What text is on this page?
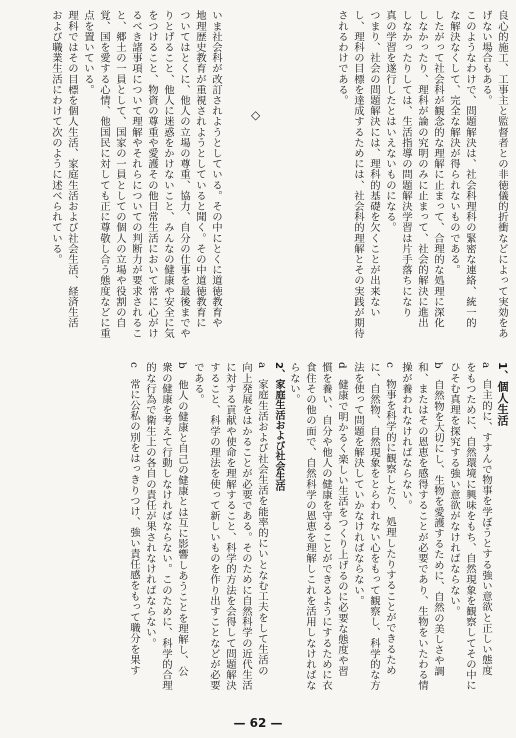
良心的施工、工事主と監督者との非徳儀的折衝などによって実効をあ

げない場合もある。

このようなわけで、問題解決は、社会科理科の緊密な連絡、統一的

な解決なくして、完全な解決が得られないものである。

したがって社会科が観念的な理解に止まって、合理的な処理に深化

しなかったり、理科が論の究明のみに止まって、社会的解決に進出

しなかったりしては、生活指導の問題解決学習は片手落ちになり

真の学習を遂行したとはいえないものになる。

つまり、社会の問題解決には、理科的基礎を欠くことが出来ない

し、理科の目標を達成するためには、社会科的理解とその実践が期待

されるわけである。

◇

いま社会科が改訂されようとしている。その中にとくに道徳教育や

地理歴史教育が重視されようとしていると聞く。その中道徳教育に

ついてはとくに、他人の立場の尊重、協力、自分の仕事を最後までや

りとげること、他人に迷惑をかけないこと、みんなの健康や安全に気

をつけること、物資の尊重や愛護その他日常生活において常に心がけ

るべき諸事項について理解やそれらについての判断力が要求されるこ

と、郷土の一員として、国家の一員としての個人の立場や役割の自

覚、国を愛する心情、他国民に対しても正に尊敬し合う態度などに重

点を置いている。

理科ではその目標を個人生活、家庭生活および社会生活、経済生活

および職業生活にわけて次のように述べられている。

1、個人生活

a　自主的に、すすんで物事を学ぼうとする強い意欲と正しい態度

をもつために、自然環境に興味をもち、自然現象を観察してその中に

ひそむ真理を探究する強い意欲がなければならない。

b　自然物を大切にし、生物を愛護するために、自然の美しさや調

和、またはその恩恵を感得することが必要であり、生物をいたわる情

操が養われなければならない。

c　物事を科学的に観察したり、処理したりすることができるため

に、自然物、自然現象をとらわれない心をもって観察し、科学的な方

法を使って問題を解決していかなければならない。

d　健康で明かるく楽しい生活をつくり上げるのに必要な態度や習

慣を養い、自分や他人の健康を守ることができるようにするために衣

食住その他の面で、自然科学の恩恵を理解しこれを活用しなければな

らない。

2、家庭生活および社会生活

a　家庭生活および社会生活を能率的にいとなむ工夫をして生活の

向上発展をはかることが必要である。そのために自然科学の近代生活

に対する貢献や使命を理解すること、科学的方法を会得して問題解決

すること、科学の理法を使って新しいものを作り出すことなどが必要

である。

b　他人の健康と自己の健康とは互に影響しあうことを理解し、公

衆の健康を考えて行動しなければならない。このために、科学的合理

的な行為で衛生上の各自の責任が果されなければならない。

c　常に公私の別をはっきりつけ、強い責任感をもって職分を果す

— 62 —
